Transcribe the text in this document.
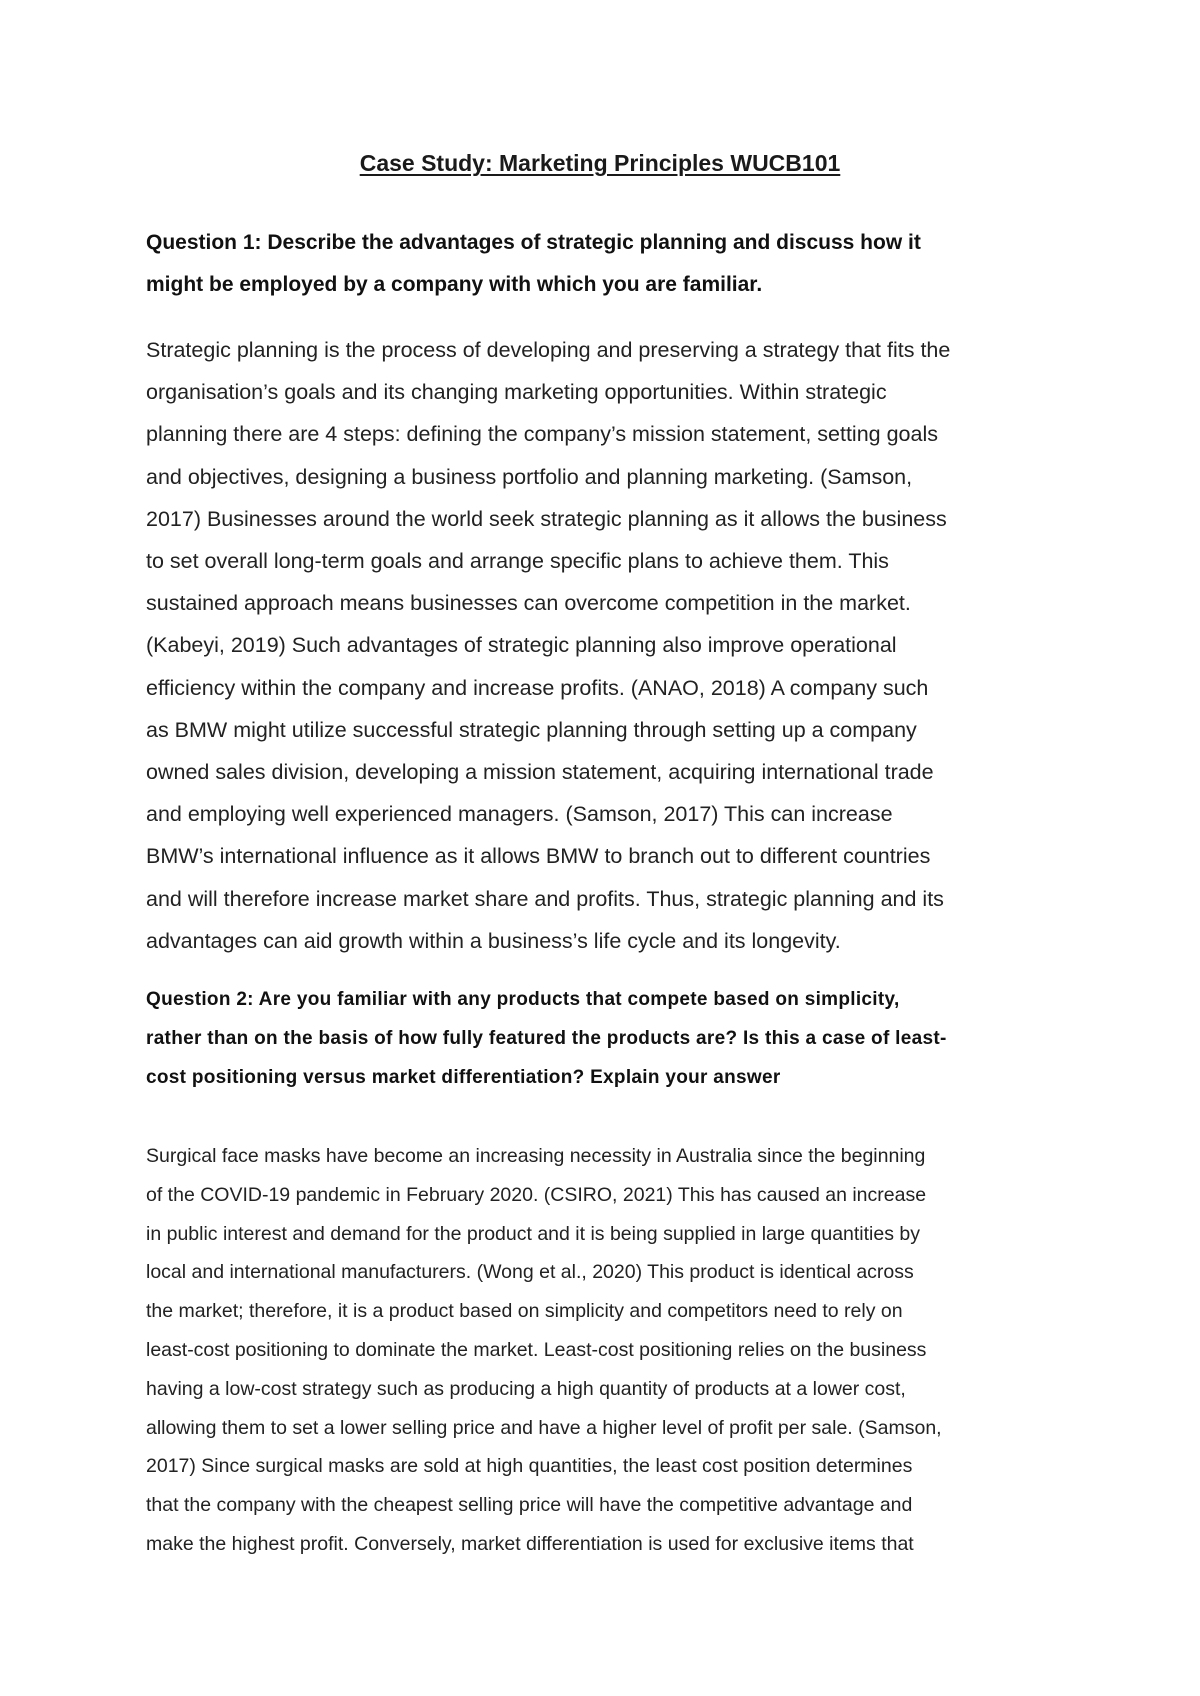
Case Study: Marketing Principles WUCB101
Question 1: Describe the advantages of strategic planning and discuss how it
might be employed by a company with which you are familiar.
Strategic planning is the process of developing and preserving a strategy that fits the
organisation’s goals and its changing marketing opportunities. Within strategic
planning there are 4 steps: defining the company’s mission statement, setting goals
and objectives, designing a business portfolio and planning marketing. (Samson,
2017) Businesses around the world seek strategic planning as it allows the business
to set overall long-term goals and arrange specific plans to achieve them. This
sustained approach means businesses can overcome competition in the market.
(Kabeyi, 2019) Such advantages of strategic planning also improve operational
efficiency within the company and increase profits. (ANAO, 2018) A company such
as BMW might utilize successful strategic planning through setting up a company
owned sales division, developing a mission statement, acquiring international trade
and employing well experienced managers. (Samson, 2017) This can increase
BMW’s international influence as it allows BMW to branch out to different countries
and will therefore increase market share and profits. Thus, strategic planning and its
advantages can aid growth within a business’s life cycle and its longevity.
Question 2: Are you familiar with any products that compete based on simplicity,
rather than on the basis of how fully featured the products are? Is this a case of least-
cost positioning versus market differentiation? Explain your answer
Surgical face masks have become an increasing necessity in Australia since the beginning
of the COVID-19 pandemic in February 2020. (CSIRO, 2021) This has caused an increase
in public interest and demand for the product and it is being supplied in large quantities by
local and international manufacturers. (Wong et al., 2020) This product is identical across
the market; therefore, it is a product based on simplicity and competitors need to rely on
least-cost positioning to dominate the market. Least-cost positioning relies on the business
having a low-cost strategy such as producing a high quantity of products at a lower cost,
allowing them to set a lower selling price and have a higher level of profit per sale. (Samson,
2017) Since surgical masks are sold at high quantities, the least cost position determines
that the company with the cheapest selling price will have the competitive advantage and
make the highest profit. Conversely, market differentiation is used for exclusive items that
